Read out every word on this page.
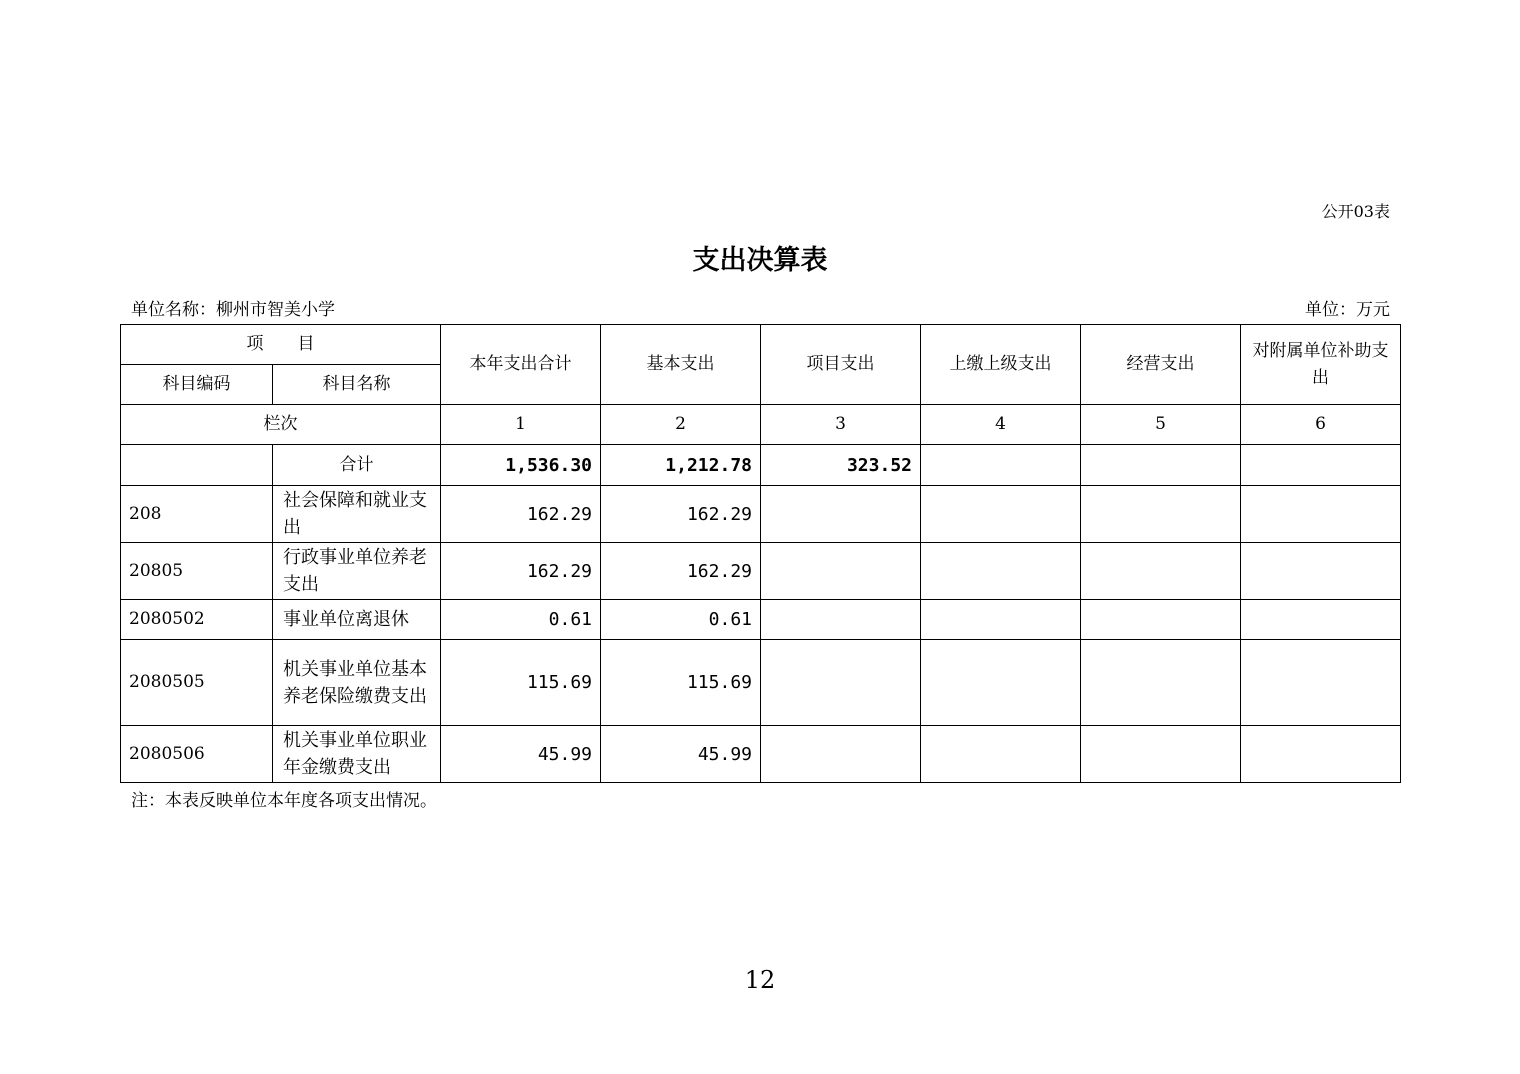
公开03表
支出决算表
单位名称：柳州市智美小学	单位：万元
项　　目		本年支出合计	基本支出	项目支出	上缴上级支出	经营支出	对附属单位补助支出
科目编码	科目名称						
栏次		1	2	3	4	5	6
	合计	1,536.30	1,212.78	323.52			
208	社会保障和就业支出	162.29	162.29				
20805	行政事业单位养老支出	162.29	162.29				
2080502	事业单位离退休	0.61	0.61				
2080505	机关事业单位基本养老保险缴费支出	115.69	115.69				
2080506	机关事业单位职业年金缴费支出	45.99	45.99				
注：本表反映单位本年度各项支出情况。
12
